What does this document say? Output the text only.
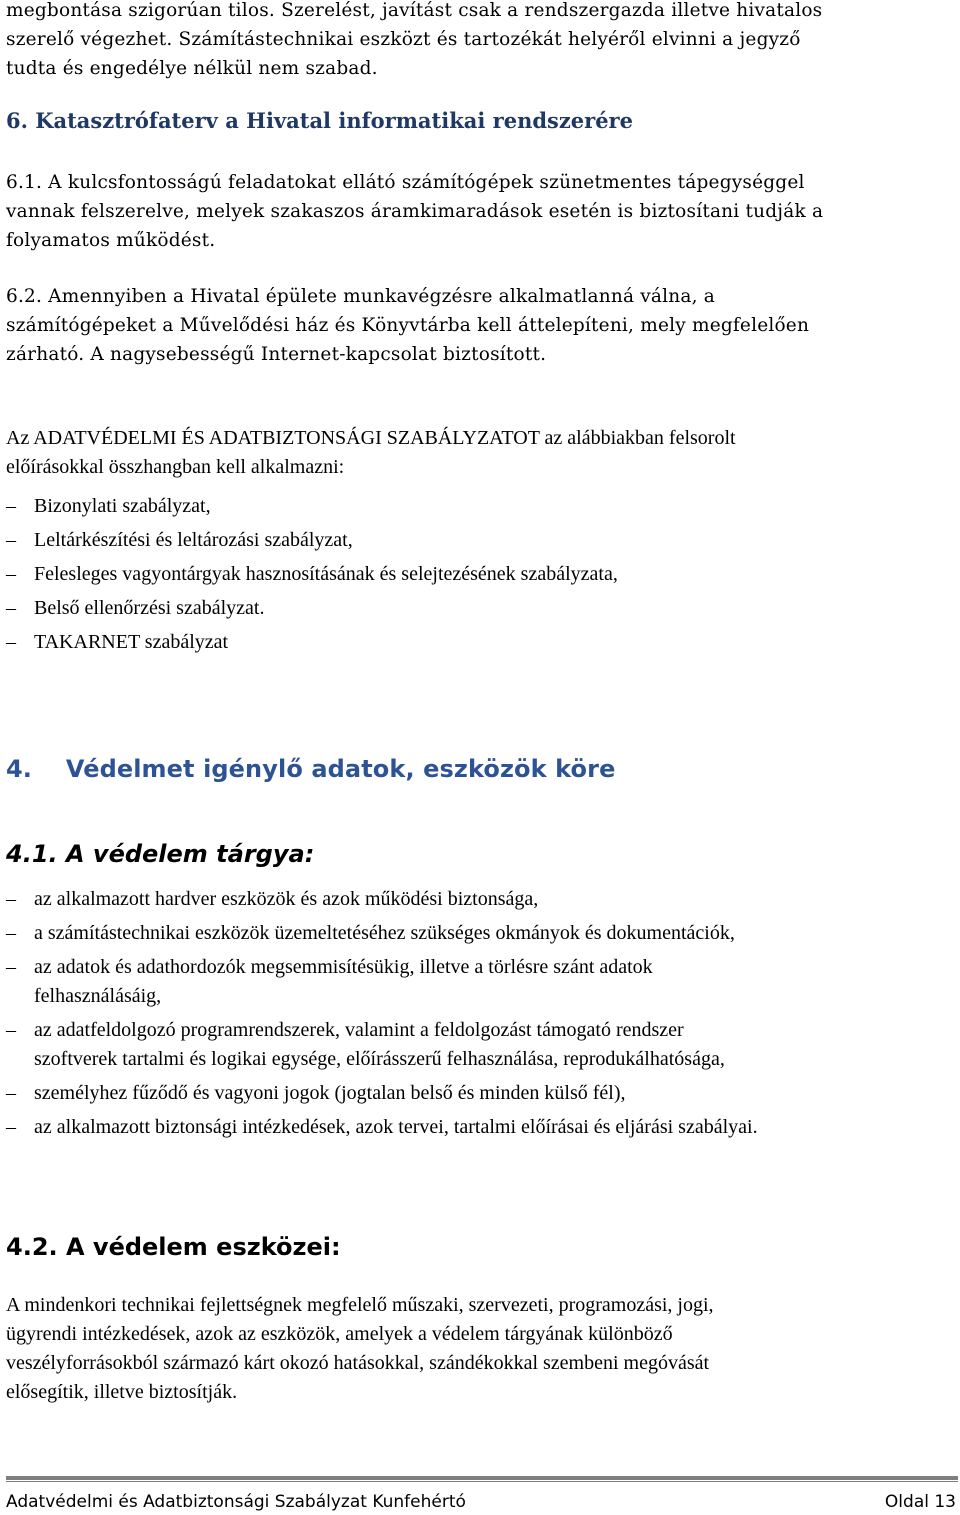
megbontása szigorúan tilos. Szerelést, javítást csak a rendszergazda illetve hivatalos

szerelő végezhet. Számítástechnikai eszközt és tartozékát helyéről elvinni a jegyző

tudta és engedélye nélkül nem szabad.

6. Katasztrófaterv a Hivatal informatikai rendszerére

6.1. A kulcsfontosságú feladatokat ellátó számítógépek szünetmentes tápegységgel

vannak felszerelve, melyek szakaszos áramkimaradások esetén is biztosítani tudják a

folyamatos működést.

6.2. Amennyiben a Hivatal épülete munkavégzésre alkalmatlanná válna, a

számítógépeket a Művelődési ház és Könyvtárba kell áttelepíteni, mely megfelelően

zárható. A nagysebességű Internet-kapcsolat biztosított.

Az ADATVÉDELMI ÉS ADATBIZTONSÁGI SZABÁLYZATOT az alábbiakban felsorolt

előírásokkal összhangban kell alkalmazni:

– Bizonylati szabályzat,
– Leltárkészítési és leltározási szabályzat,
– Felesleges vagyontárgyak hasznosításának és selejtezésének szabályzata,
– Belső ellenőrzési szabályzat.
– TAKARNET szabályzat
4.    Védelmet igénylő adatok, eszközök köre
4.1. A védelem tárgya:
– az alkalmazott hardver eszközök és azok működési biztonsága,
– a számítástechnikai eszközök üzemeltetéséhez szükséges okmányok és dokumentációk,
– az adatok és adathordozók megsemmisítésükig, illetve a törlésre szánt adatok
felhasználásáig,
– az adatfeldolgozó programrendszerek, valamint a feldolgozást támogató rendszer
szoftverek tartalmi és logikai egysége, előírásszerű felhasználása, reprodukálhatósága,
– személyhez fűződő és vagyoni jogok (jogtalan belső és minden külső fél),
– az alkalmazott biztonsági intézkedések, azok tervei, tartalmi előírásai és eljárási szabályai.
4.2. A védelem eszközei:

A mindenkori technikai fejlettségnek megfelelő műszaki, szervezeti, programozási, jogi,

ügyrendi intézkedések, azok az eszközök, amelyek a védelem tárgyának különböző

veszélyforrásokból származó kárt okozó hatásokkal, szándékokkal szembeni megóvását

elősegítik, illetve biztosítják.

Adatvédelmi és Adatbiztonsági Szabályzat Kunfehértó	Oldal 13
